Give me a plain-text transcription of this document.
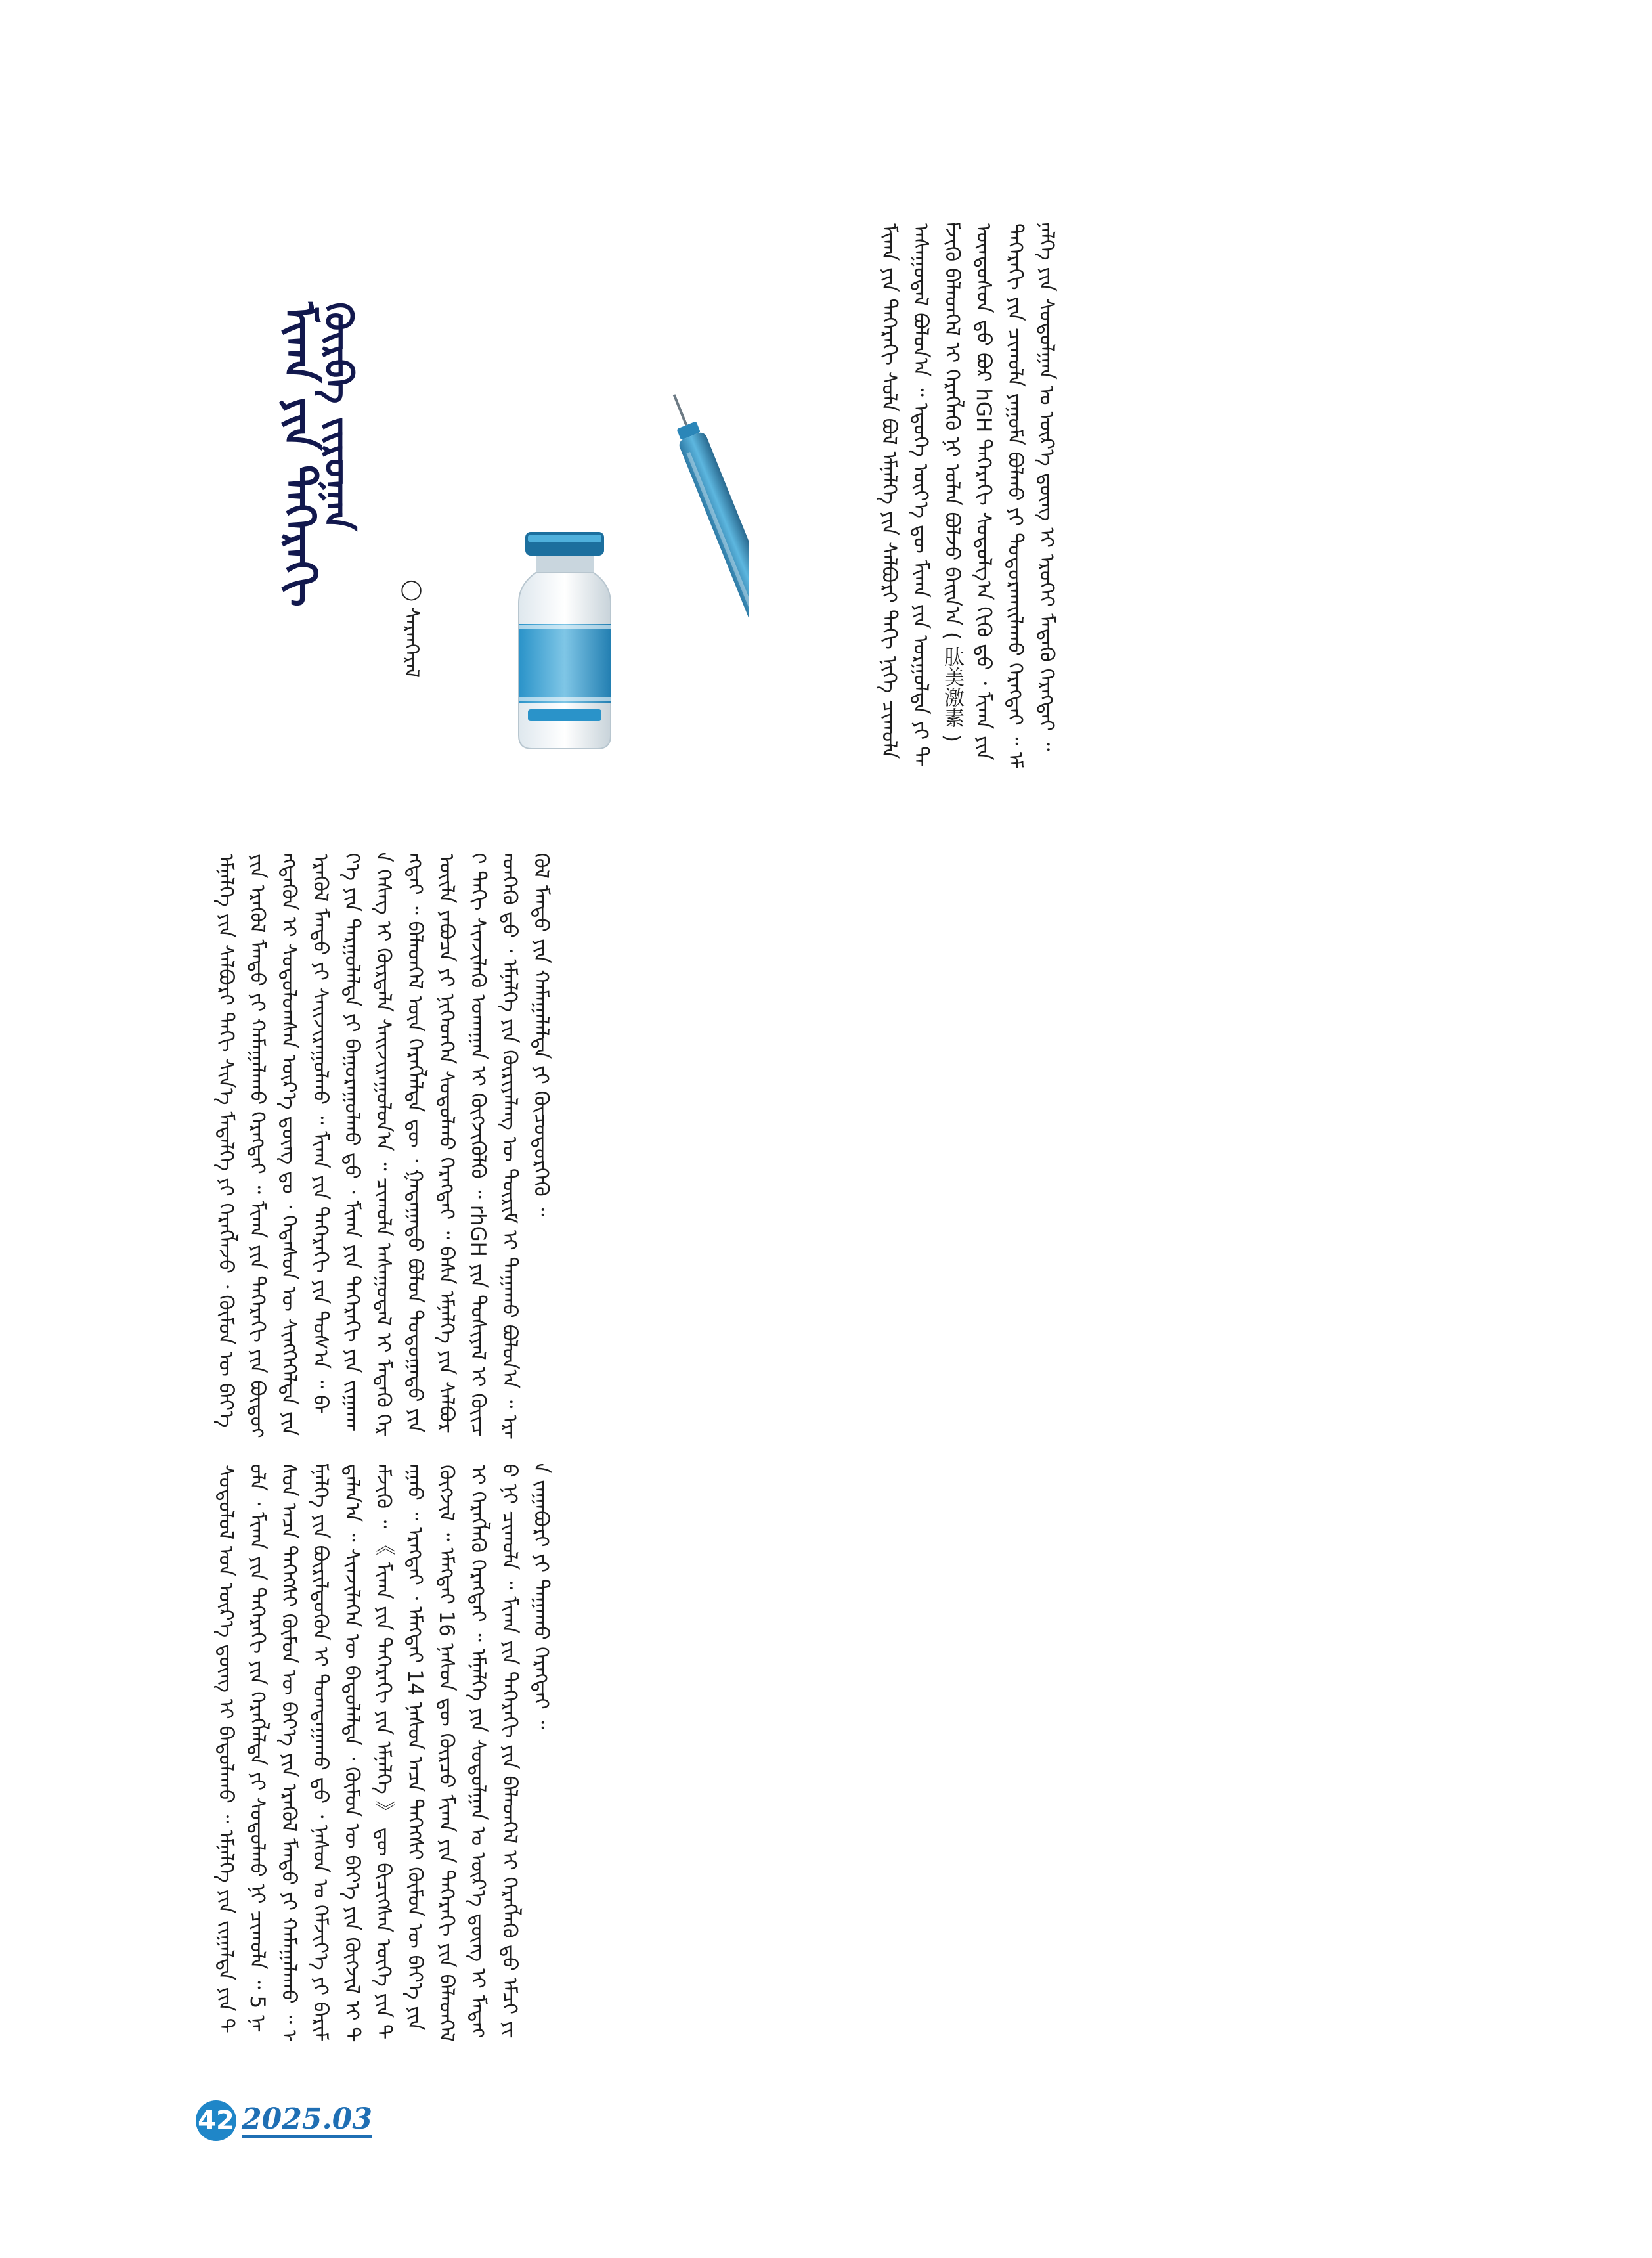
ᠮᠢᠬᠠ ᠶᠢᠨ ᠳᠡᠭᠡᠷᠡᠬᠢ
ᠭᠦᠷᠪᠡ ᠵᠢᠷᠤᠭᠠᠨ
◯ ᠰᠠᠷᠠᠨᠭᠡᠷᠡᠯ	ᠮᠢᠬᠠ ᠶᠢᠨ ᠳᠡᠭᠡᠷᠡᠬᠢ ᠰᠤᠯᠠ ᠪᠤᠯ ᠡᠮᠨᠡᠯᠭᠡ ᠶᠢᠨ ᠰᠠᠯᠪᠤᠷᠢ ᠳᠠᠬᠢ ᠨᠢᠭᠡ ᠴᠢᠬᠤᠯᠠ ᠠᠰᠠᠭᠤᠳᠠᠯ ᠪᠣᠯᠤᠨ᠎ᠠ ᠃ ᠡᠳᠦᠭᠡ ᠦᠶ᠎ᠡ ᠳᠦ ᠮᠢᠬᠠ ᠶᠢᠨ ᠤᠷᠭᠤᠯᠲᠠ ᠶᠢ ᠳᠡᠮᠵᠢᠬᠦ ᠪᠡᠯᠡᠳᠬᠡᠯ ᠢ ᠬᠡᠷᠡᠭᠯᠡᠬᠦ ᠨᠢ ᠣᠯᠠᠨ ᠪᠣᠯᠵᠤ ᠪᠠᠢᠨ᠎ᠠ ( 肽美激素 ) ᠦᠨᠳᠦᠰᠦᠨ ᠳ᠋ᠤ ᠪᠤᠷ hGH ᠳᠡᠭᠡᠷᠡᠬᠢ ᠰᠤᠳᠤᠯᠭ᠎ᠠ ᠬᠢᠬᠦ ᠳ᠋ᠤ ᠂ ᠮᠢᠬᠠ ᠶᠢᠨ ᠳᠡᠭᠡᠷᠡᠬᠢ ᠶᠢᠨ ᠴᠢᠬᠤᠯᠠ ᠶᠠᠭᠤᠮᠠ ᠪᠣᠯᠬᠤ ᠶᠢ ᠲᠣᠳᠣᠷᠬᠠᠢᠯᠠᠬᠤ ᠬᠡᠷᠡᠭᠲᠡᠢ ᠃ ᠡᠮᠨᠡᠯᠭᠡ ᠶᠢᠨ ᠰᠤᠳᠤᠯᠭᠠᠨ ᠤ ᠦᠷ᠎ᠡ ᠳ᠋ᠦᠩ ᠢ ᠡᠷᠦᠬᠡᠢ ᠮᠡᠳᠡᠬᠦ ᠬᠡᠷᠡᠭᠲᠡᠢ ᠃
ᠡᠮᠨᠡᠯᠭᠡ ᠶᠢᠨ ᠰᠠᠯᠪᠤᠷᠢ ᠳᠠᠬᠢ ᠰᠢᠨ᠎ᠡ ᠮᠡᠳᠡᠯᠭᠡ ᠶᠢ ᠬᠡᠷᠡᠭᠯᠡᠵᠦ ᠂ ᠬᠦᠮᠦᠨ ᠦ ᠪᠡᠶ᠎ᠡ ᠶᠢᠨ ᠡᠷᠡᠭᠦᠯ ᠮᠡᠨᠳᠦ ᠶᠢ ᠬᠠᠮᠠᠭᠠᠯᠠᠬᠤ ᠬᠡᠷᠡᠭᠲᠡᠢ ᠃ ᠮᠢᠬᠠ ᠶᠢᠨ ᠳᠡᠭᠡᠷᠡᠬᠢ ᠶᠢᠨ ᠪᠦᠲᠦᠭᠡᠭᠳᠡᠬᠦᠨ ᠢ ᠰᠤᠳᠤᠯᠤᠭᠰᠠᠨ ᠦᠷ᠎ᠡ ᠳ᠋ᠦᠩ ᠳᠤ ᠂ ᠭᠡᠳᠡᠰᠦᠨ ᠦ ᠰᠢᠩᠭᠡᠭᠡᠯᠲᠡ ᠶᠢᠨ ᠡᠷᠡᠭᠦᠯ ᠮᠡᠨᠳᠦ ᠶᠢ ᠰᠠᠢᠵᠢᠷᠠᠭᠤᠯᠬᠤ ᠃ ᠮᠢᠬᠠ ᠶᠢᠨ ᠳᠡᠭᠡᠷᠡᠬᠢ ᠶᠢᠨ ᠲᠤᠰ᠎ᠠ ᠃ ᠪᠡᠶ᠎ᠡ ᠶᠢᠨ ᠲᠠᠷᠭᠤᠯᠠᠯᠲᠠ ᠶᠢ ᠪᠠᠭᠤᠷᠠᠭᠤᠯᠬᠤ ᠳ᠋ᠤ ᠂ ᠮᠢᠬᠠ ᠶᠢᠨ ᠳᠡᠭᠡᠷᠡᠬᠢ ᠶᠢᠨ ᠵᠢᠭᠠᠬᠠᠨ ᠬᠡᠰᠡᠭ ᠢ ᠬᠦᠷᠲᠡᠯᠡ ᠰᠠᠢᠵᠢᠷᠠᠭᠤᠯᠤᠨ᠎ᠠ ᠃ ᠴᠢᠬᠤᠯᠠ ᠠᠰᠠᠭᠤᠳᠠᠯ ᠢ ᠮᠡᠳᠡᠬᠦ ᠬᠡᠷᠡᠭᠲᠡᠢ ᠃ ᠪᠡᠯᠡᠳᠬᠡᠯ ᠦᠨ ᠬᠡᠷᠡᠭᠯᠡᠯᠲᠡ ᠳᠦ ᠂ ᠭᠠᠳᠠᠭᠠᠳᠤ ᠪᠣᠯᠤᠨ ᠳᠣᠲᠣᠭᠠᠳᠤ ᠶᠢᠨ ᠦᠢᠯᠡ ᠶᠠᠪᠤᠴᠠ ᠶᠢ ᠨᠢᠭᠡᠳᠭᠡᠨ ᠰᠤᠳᠤᠯᠬᠤ ᠬᠡᠷᠡᠭᠲᠡᠢ ᠃ ᠪᠠᠰᠠ ᠡᠮᠨᠡᠯᠭᠡ ᠶᠢᠨ ᠰᠠᠯᠪᠤᠷᠢ ᠳᠠᠬᠢ ᠰᠢᠨᠵᠢᠯᠡᠬᠦ ᠤᠬᠠᠭᠠᠨ ᠢ ᠬᠦᠭᠵᠢᠭᠦᠯᠬᠦ ᠃ rhGH ᠶᠢᠨ ᠲᠤᠰᠢᠶᠠᠯ ᠢ ᠭᠦᠢᠴᠡᠳᠭᠡᠬᠦ ᠳ᠋ᠤ ᠂ ᠡᠮᠨᠡᠯᠭᠡ ᠶᠢᠨ ᠬᠦᠷᠢᠶᠡᠯᠡᠩ ᠦ ᠳᠦᠷᠢᠮ ᠢ ᠳᠠᠭᠠᠬᠤ ᠪᠣᠯᠤᠨ᠎ᠠ ᠃ ᠡᠷᠡᠭᠦᠯ ᠮᠡᠨᠳᠦ ᠶᠢᠨ ᠬᠠᠮᠠᠭᠠᠯᠠᠯᠲᠠ ᠶᠢ ᠬᠦᠴᠦᠳᠦᠷᠭᠡᠬᠦ ᠃
ᠰᠤᠳᠤᠯᠤᠯ ᠤᠨ ᠦᠷ᠎ᠡ ᠳ᠋ᠦᠩ ᠢ ᠪᠠᠲᠤᠯᠠᠬᠤ ᠃ ᠡᠮᠨᠡᠯᠭᠡ ᠶᠢᠨ ᠵᠢᠭᠠᠯᠲᠠ ᠶᠢᠨ ᠲᠤᠯᠠ ᠂ ᠮᠢᠬᠠ ᠶᠢᠨ ᠳᠡᠭᠡᠷᠡᠬᠢ ᠶᠢᠨ ᠬᠡᠷᠡᠭᠯᠡᠯᠲᠡ ᠶᠢ ᠰᠤᠳᠤᠯᠬᠤ ᠨᠢ ᠴᠢᠬᠤᠯᠠ ᠃ 5 ᠨᠠᠰᠤᠨ ᠠᠴᠠ ᠳᠡᠭᠡᠭᠰᠢ ᠬᠦᠮᠦᠨ ᠦ ᠪᠡᠶ᠎ᠡ ᠶᠢᠨ ᠡᠷᠡᠭᠦᠯ ᠮᠡᠨᠳᠦ ᠶᠢ ᠬᠠᠮᠠᠭᠠᠯᠠᠬᠤ ᠃ ᠡᠮᠨᠡᠯᠭᠡ ᠶᠢᠨ ᠪᠦᠷᠢᠯᠳᠦᠬᠦᠨ ᠢ ᠲᠣᠭᠲᠠᠭᠠᠬᠤ ᠳ᠋ᠤ ᠂ ᠨᠠᠰᠤᠨ ᠤ ᠬᠡᠮᠵᠢᠶ᠎ᠡ ᠶᠢ ᠪᠠᠷᠢᠮᠲᠠᠯᠠᠨ᠎ᠠ ᠃ ᠰᠢᠨᠵᠢᠯᠡᠭᠡᠨ ᠦ ᠪᠠᠲᠤᠯᠠᠯᠲᠠ ᠂ ᠬᠦᠮᠦᠨ ᠦ ᠪᠡᠶ᠎ᠡ ᠶᠢᠨ ᠬᠦᠭᠵᠢᠯ ᠢ ᠳᠡᠮᠵᠢᠬᠦ ᠃ 《 ᠮᠢᠬᠠ ᠶᠢᠨ ᠳᠡᠭᠡᠷᠡᠬᠢ ᠶᠢᠨ ᠡᠮᠨᠡᠯᠭᠡ 》 ᠳᠦ ᠪᠢᠴᠢᠭᠰᠡᠨ ᠦᠭᠡ ᠶᠢᠨ ᠳᠠᠭᠠᠤ ᠃ ᠡᠷᠡᠭᠲᠡᠢ ᠂ ᠡᠮᠡᠭᠲᠡᠢ 14 ᠨᠠᠰᠤᠨ ᠠᠴᠠ ᠳᠡᠭᠡᠭᠰᠢ ᠬᠦᠮᠦᠨ ᠦ ᠪᠡᠶ᠎ᠡ ᠶᠢᠨ ᠬᠦᠭᠵᠢᠯ ᠃ ᠡᠮᠡᠭᠲᠡᠢ 16 ᠨᠠᠰᠤᠨ ᠳᠦ ᠬᠦᠷᠴᠦ ᠮᠢᠬᠠ ᠶᠢᠨ ᠳᠡᠭᠡᠷᠡᠬᠢ ᠶᠢᠨ ᠪᠡᠯᠡᠳᠬᠡᠯ ᠢ ᠬᠡᠷᠡᠭᠯᠡᠬᠦ ᠬᠡᠷᠡᠭᠲᠡᠢ ᠃ ᠡᠮᠨᠡᠯᠭᠡ ᠶᠢᠨ ᠰᠤᠳᠤᠯᠭᠠᠨ ᠤ ᠦᠷ᠎ᠡ ᠳ᠋ᠦᠩ ᠢ ᠮᠡᠳᠡᠬᠦ ᠨᠢ ᠴᠢᠬᠤᠯᠠ ᠃ ᠮᠢᠬᠠ ᠶᠢᠨ ᠳᠡᠭᠡᠷᠡᠬᠢ ᠶᠢᠨ ᠪᠡᠯᠡᠳᠬᠡᠯ ᠢ ᠬᠡᠷᠡᠭᠯᠡᠬᠦ ᠳ᠋ᠤ ᠡᠮᠴᠢ ᠶᠢᠨ ᠵᠠᠭᠠᠪᠤᠷᠢ ᠶᠢ ᠳᠠᠭᠠᠬᠤ ᠬᠡᠷᠡᠭᠲᠡᠢ ᠃
42 2025.03
